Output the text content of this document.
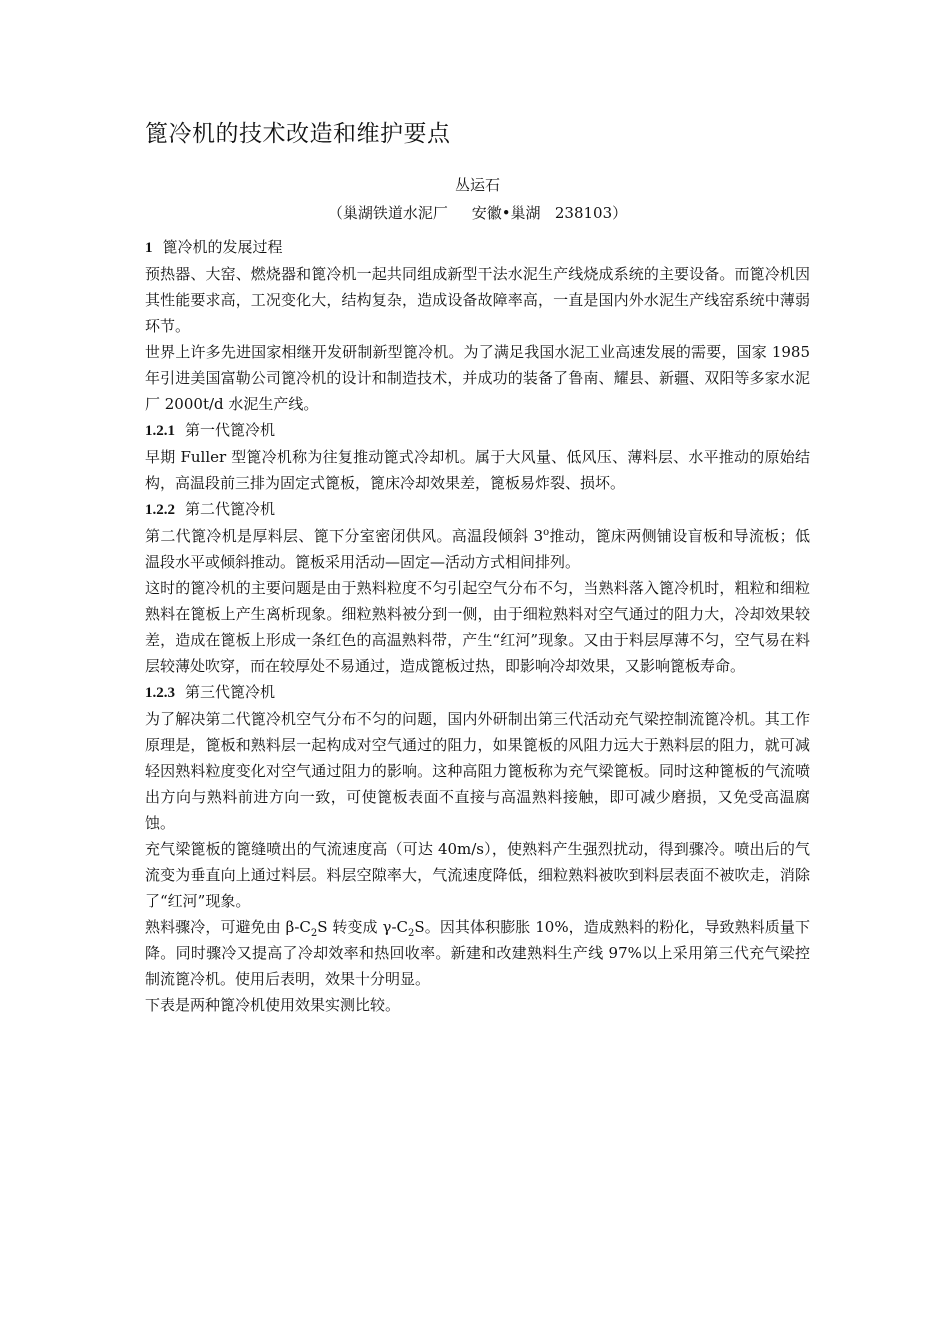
篦冷机的技术改造和维护要点
丛运石
（巢湖铁道水泥厂     安徽•巢湖   238103）
1 篦冷机的发展过程

预热器、大窑、燃烧器和篦冷机一起共同组成新型干法水泥生产线烧成系统的主要设备。而篦冷机因其性能要求高，工况变化大，结构复杂，造成设备故障率高，一直是国内外水泥生产线窑系统中薄弱环节。

世界上许多先进国家相继开发研制新型篦冷机。为了满足我国水泥工业高速发展的需要，国家 1985 年引进美国富勒公司篦冷机的设计和制造技术，并成功的装备了鲁南、耀县、新疆、双阳等多家水泥厂 2000t/d 水泥生产线。

1.2.1 第一代篦冷机

早期 Fuller 型篦冷机称为往复推动篦式冷却机。属于大风量、低风压、薄料层、水平推动的原始结构，高温段前三排为固定式篦板，篦床冷却效果差，篦板易炸裂、损坏。

1.2.2 第二代篦冷机

第二代篦冷机是厚料层、篦下分室密闭供风。高温段倾斜 3$^o$推动，篦床两侧铺设盲板和导流板；低温段水平或倾斜推动。篦板采用活动—固定—活动方式相间排列。

这时的篦冷机的主要问题是由于熟料粒度不匀引起空气分布不匀，当熟料落入篦冷机时，粗粒和细粒熟料在篦板上产生离析现象。细粒熟料被分到一侧，由于细粒熟料对空气通过的阻力大，冷却效果较差，造成在篦板上形成一条红色的高温熟料带，产生“红河”现象。又由于料层厚薄不匀，空气易在料层较薄处吹穿，而在较厚处不易通过，造成篦板过热，即影响冷却效果，又影响篦板寿命。

1.2.3 第三代篦冷机

为了解决第二代篦冷机空气分布不匀的问题，国内外研制出第三代活动充气梁控制流篦冷机。其工作原理是，篦板和熟料层一起构成对空气通过的阻力，如果篦板的风阻力远大于熟料层的阻力，就可减轻因熟料粒度变化对空气通过阻力的影响。这种高阻力篦板称为充气梁篦板。同时这种篦板的气流喷出方向与熟料前进方向一致，可使篦板表面不直接与高温熟料接触，即可减少磨损，又免受高温腐蚀。

充气梁篦板的篦缝喷出的气流速度高（可达 40m/s），使熟料产生强烈扰动，得到骤冷。喷出后的气流变为垂直向上通过料层。料层空隙率大，气流速度降低，细粒熟料被吹到料层表面不被吹走，消除了“红河”现象。

熟料骤冷，可避免由 $\beta-C_2S$ 转变成 $\gamma-C_2S$。因其体积膨胀 10%，造成熟料的粉化，导致熟料质量下降。同时骤冷又提高了冷却效率和热回收率。新建和改建熟料生产线 97%以上采用第三代充气梁控制流篦冷机。使用后表明，效果十分明显。

下表是两种篦冷机使用效果实测比较。
